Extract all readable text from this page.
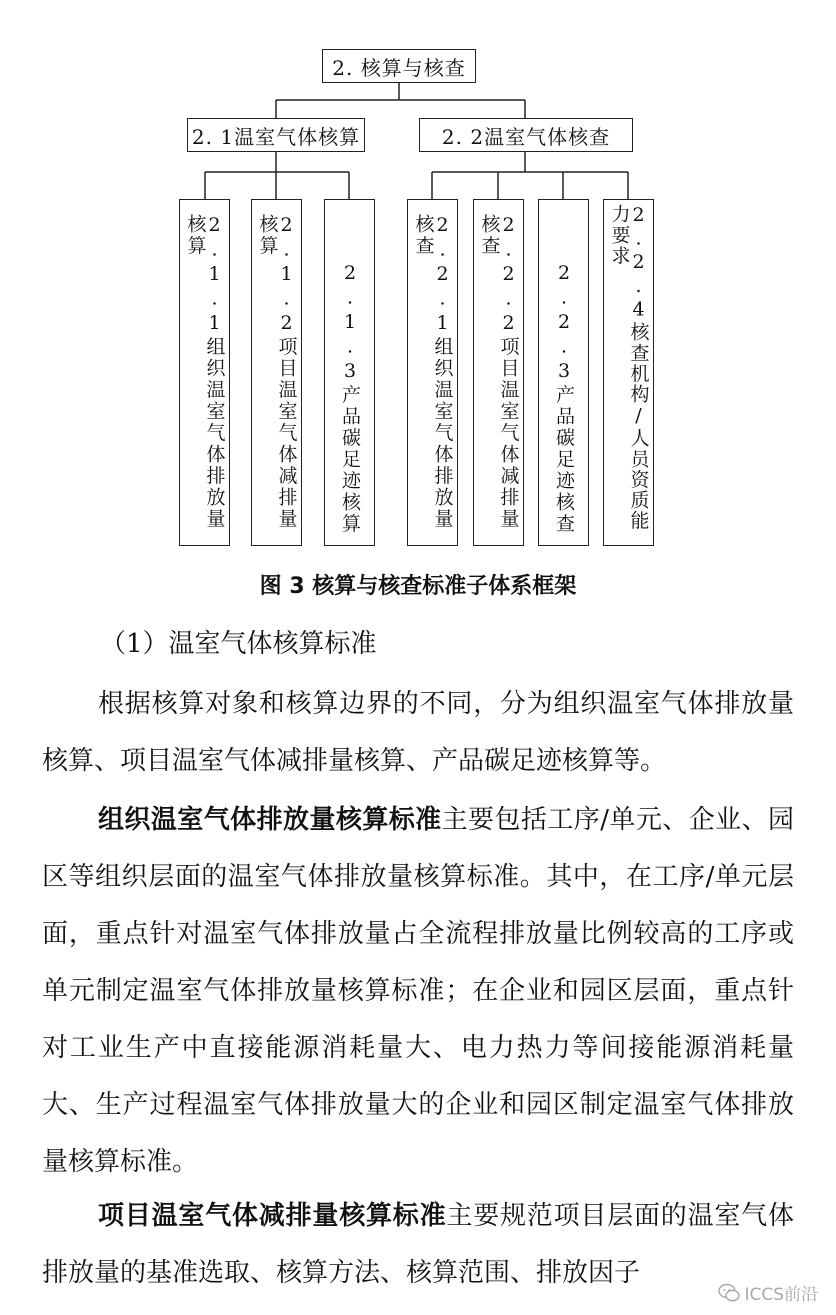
2. 核算与核查
2. 1温室气体核算	2. 2温室气体核查
2.1.1组织温室气体排放量核算	2.1.2项目温室气体减排量核算
2.1.3产品碳足迹核算	2.2.1组织温室气体排放量核查	2.2.2项目温室气体减排量核查
2.2.3产品碳足迹核查	2.2.4核查机构/人员资质能力要求
图 3 核算与核查标准子体系框架

（1）温室气体核算标准

根据核算对象和核算边界的不同，分为组织温室气体排放量核算、项目温室气体减排量核算、产品碳足迹核算等。

组织温室气体排放量核算标准主要包括工序/单元、企业、园区等组织层面的温室气体排放量核算标准。其中，在工序/单元层面，重点针对温室气体排放量占全流程排放量比例较高的工序或单元制定温室气体排放量核算标准；在企业和园区层面，重点针对工业生产中直接能源消耗量大、电力热力等间接能源消耗量大、生产过程温室气体排放量大的企业和园区制定温室气体排放量核算标准。

项目温室气体减排量核算标准主要规范项目层面的温室气体排放量的基准选取、核算方法、核算范围、排放因子

ICCS前沿
